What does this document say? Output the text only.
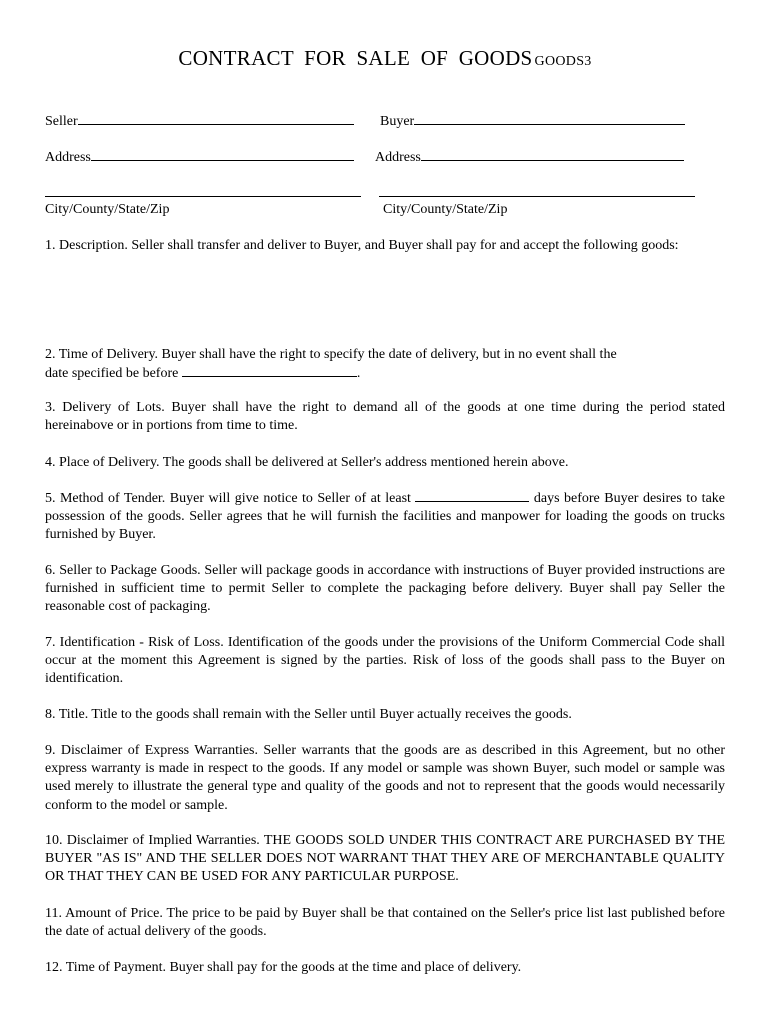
CONTRACT FOR SALE OF GOODS GOODS3
Seller	Buyer
Address	Address
City/County/State/Zip	City/County/State/Zip
1. Description. Seller shall transfer and deliver to Buyer, and Buyer shall pay for and accept the following goods:
2. Time of Delivery. Buyer shall have the right to specify the date of delivery, but in no event shall the
date specified be before	.
3. Delivery of Lots. Buyer shall have the right to demand all of the goods at one time during the period stated hereinabove or in portions from time to time.
4. Place of Delivery. The goods shall be delivered at Seller's address mentioned herein above.
5. Method of Tender. Buyer will give notice to Seller of at least	days before Buyer desires to take possession of the goods. Seller agrees that he will furnish the facilities and manpower for loading the goods on trucks furnished by Buyer.
6. Seller to Package Goods. Seller will package goods in accordance with instructions of Buyer provided instructions are furnished in sufficient time to permit Seller to complete the packaging before delivery. Buyer shall pay Seller the reasonable cost of packaging.
7. Identification - Risk of Loss. Identification of the goods under the provisions of the Uniform Commercial Code shall occur at the moment this Agreement is signed by the parties. Risk of loss of the goods shall pass to the Buyer on identification.
8. Title. Title to the goods shall remain with the Seller until Buyer actually receives the goods.
9. Disclaimer of Express Warranties. Seller warrants that the goods are as described in this Agreement, but no other express warranty is made in respect to the goods. If any model or sample was shown Buyer, such model or sample was used merely to illustrate the general type and quality of the goods and not to represent that the goods would necessarily conform to the model or sample.
10. Disclaimer of Implied Warranties. THE GOODS SOLD UNDER THIS CONTRACT ARE PURCHASED BY THE BUYER "AS IS" AND THE SELLER DOES NOT WARRANT THAT THEY ARE OF MERCHANTABLE QUALITY OR THAT THEY CAN BE USED FOR ANY PARTICULAR PURPOSE.
11. Amount of Price. The price to be paid by Buyer shall be that contained on the Seller's price list last published before the date of actual delivery of the goods.
12. Time of Payment. Buyer shall pay for the goods at the time and place of delivery.
